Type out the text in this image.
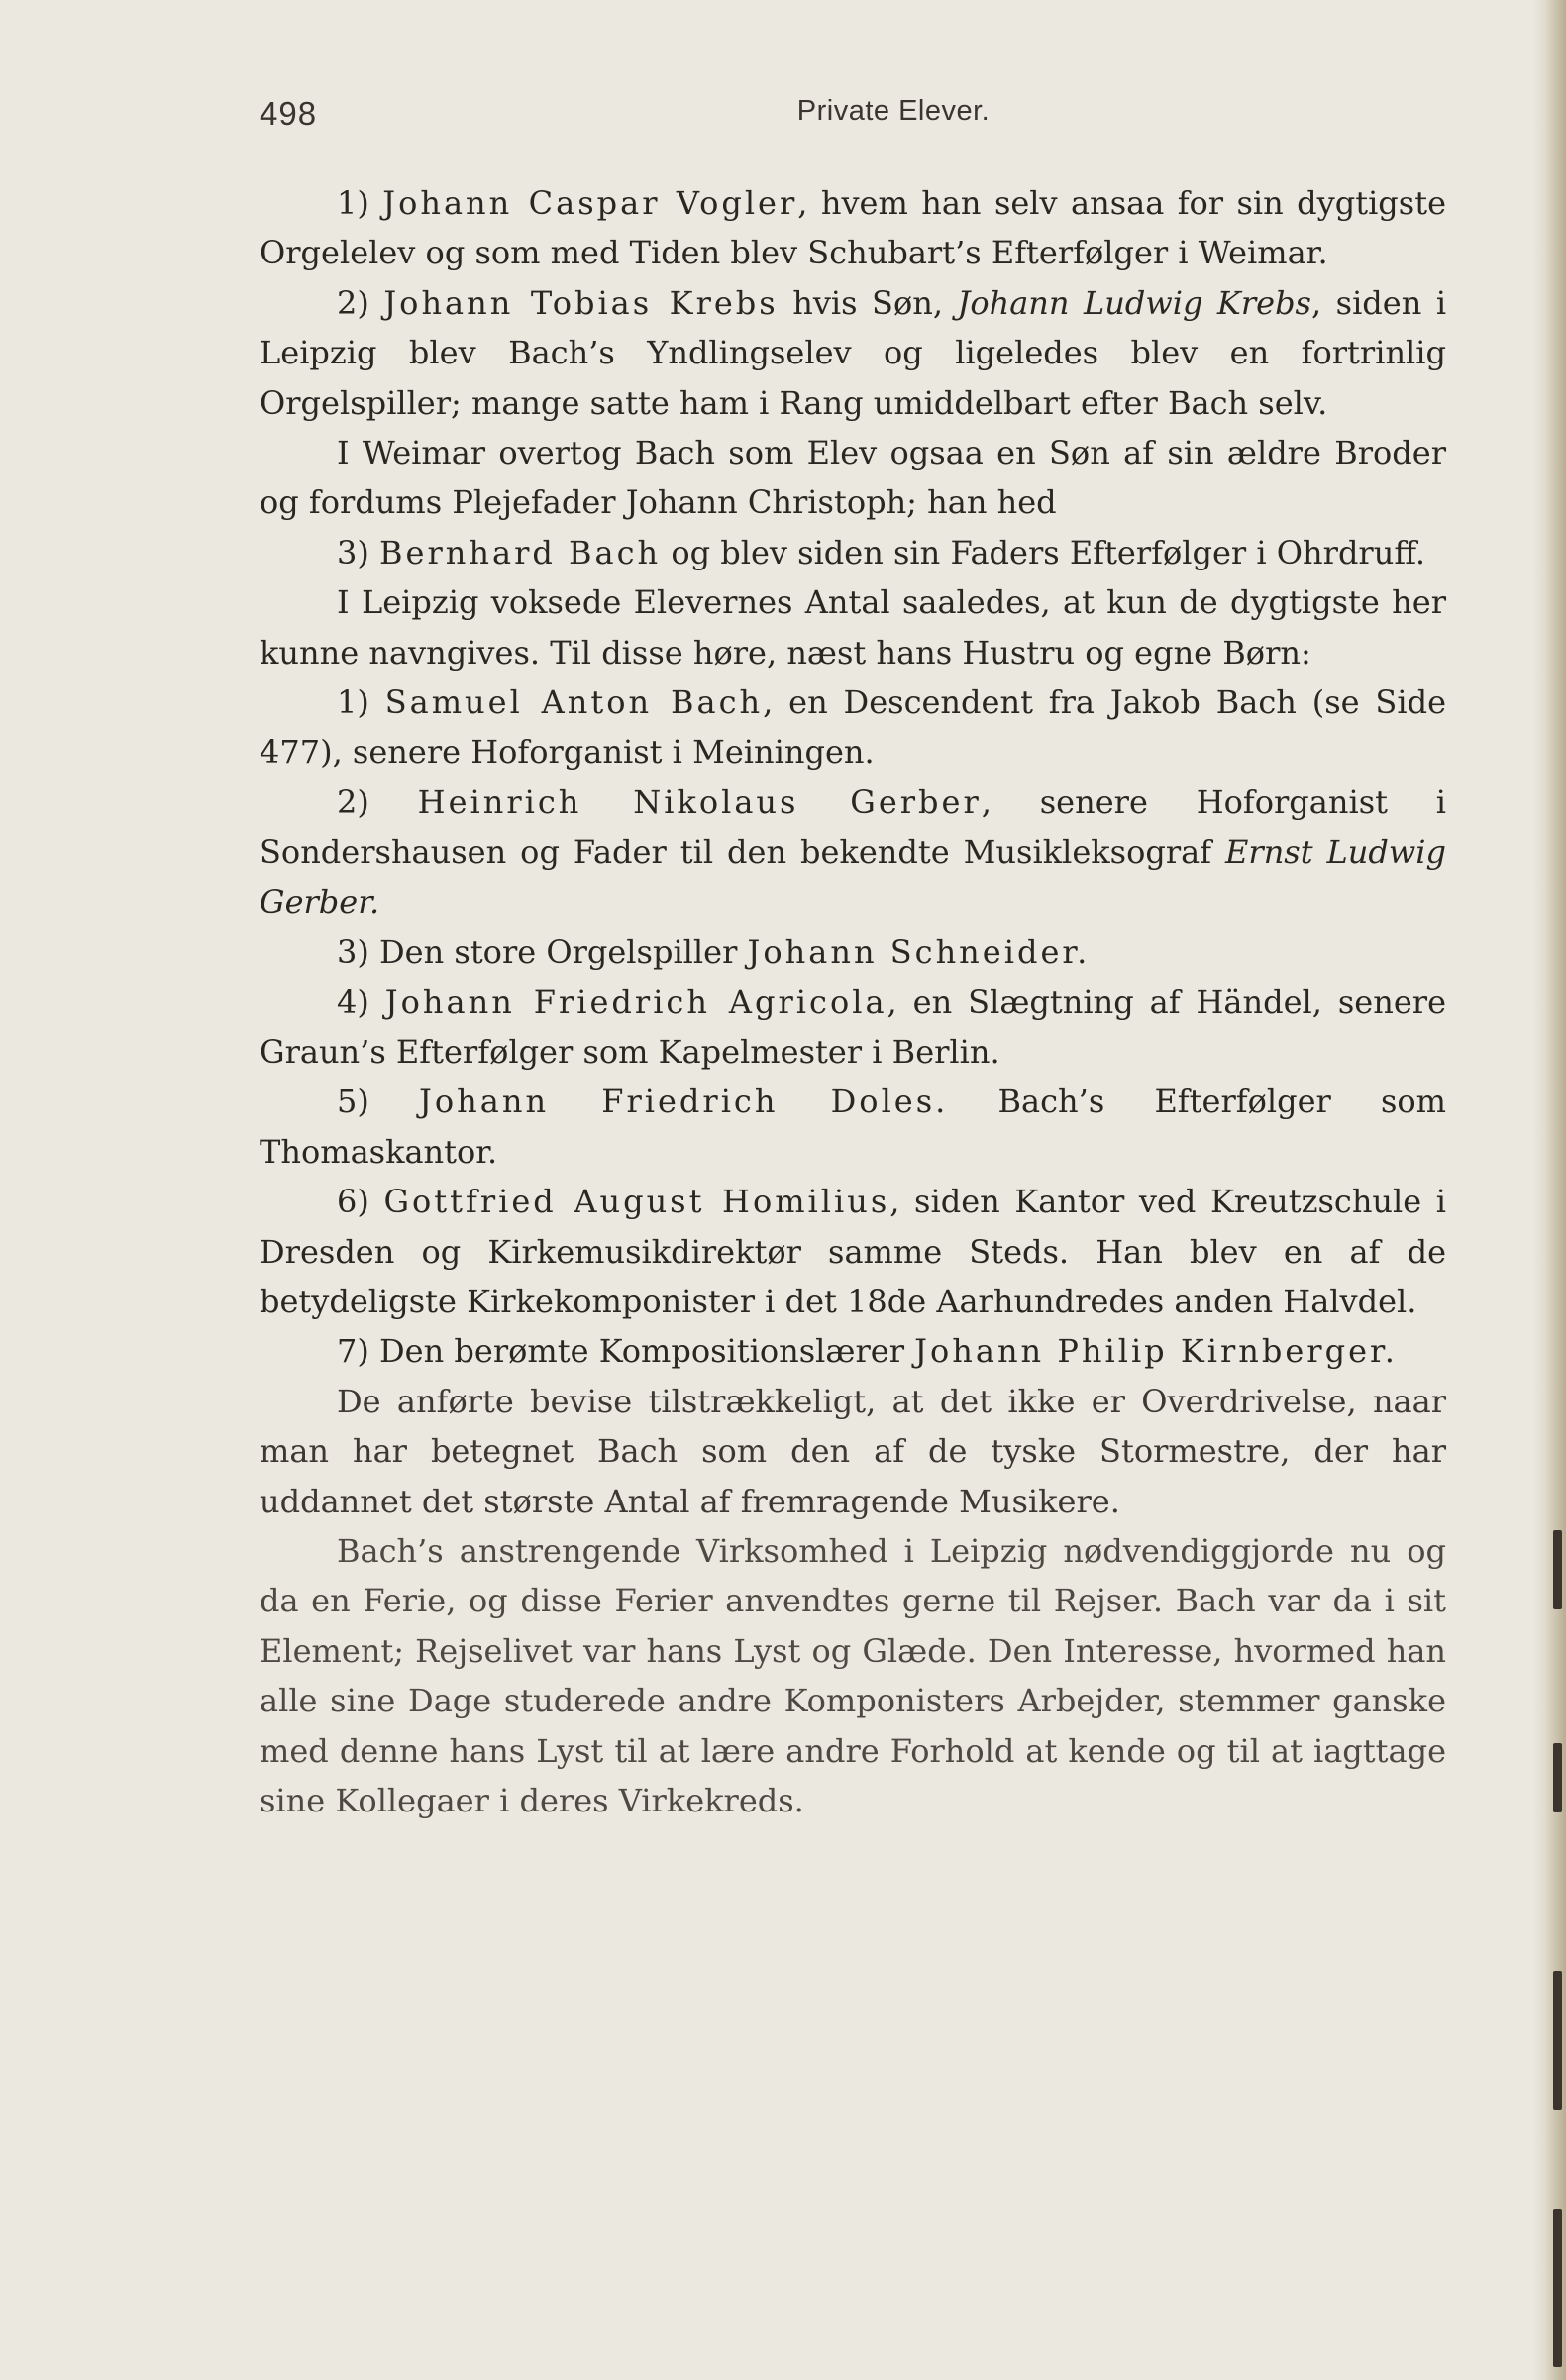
498	Private Elever.

1) Johann Caspar Vogler, hvem han selv ansaa for sin dygtigste Orgelelev og som med Tiden blev Schubart’s Efterfølger i Weimar.

2) Johann Tobias Krebs hvis Søn, Johann Ludwig Krebs, siden i Leipzig blev Bach’s Yndlingselev og ligeledes blev en fortrinlig Orgelspiller; mange satte ham i Rang umiddelbart efter Bach selv.

I Weimar overtog Bach som Elev ogsaa en Søn af sin ældre Broder og fordums Plejefader Johann Christoph; han hed

3) Bernhard Bach og blev siden sin Faders Efterfølger i Ohrdruff.

I Leipzig voksede Elevernes Antal saaledes, at kun de dygtigste her kunne navngives. Til disse høre, næst hans Hustru og egne Børn:

1) Samuel Anton Bach, en Descendent fra Jakob Bach (se Side 477), senere Hoforganist i Meiningen.

2) Heinrich Nikolaus Gerber, senere Hoforganist i Sondershausen og Fader til den bekendte Musikleksograf Ernst Ludwig Gerber.

3) Den store Orgelspiller Johann Schneider.

4) Johann Friedrich Agricola, en Slægtning af Händel, senere Graun’s Efterfølger som Kapelmester i Berlin.

5) Johann Friedrich Doles. Bach’s Efterfølger som Thomaskantor.

6) Gottfried August Homilius, siden Kantor ved Kreutzschule i Dresden og Kirkemusikdirektør samme Steds. Han blev en af de betydeligste Kirkekomponister i det 18de Aarhundredes anden Halvdel.

7) Den berømte Kompositionslærer Johann Philip Kirnberger.

De anførte bevise tilstrækkeligt, at det ikke er Overdrivelse, naar man har betegnet Bach som den af de tyske Stormestre, der har uddannet det største Antal af fremragende Musikere.

Bach’s anstrengende Virksomhed i Leipzig nødvendiggjorde nu og da en Ferie, og disse Ferier anvendtes gerne til Rejser. Bach var da i sit Element; Rejselivet var hans Lyst og Glæde. Den Interesse, hvormed han alle sine Dage studerede andre Komponisters Arbejder, stemmer ganske med denne hans Lyst til at lære andre Forhold at kende og til at iagttage sine Kollegaer i deres Virkekreds.
